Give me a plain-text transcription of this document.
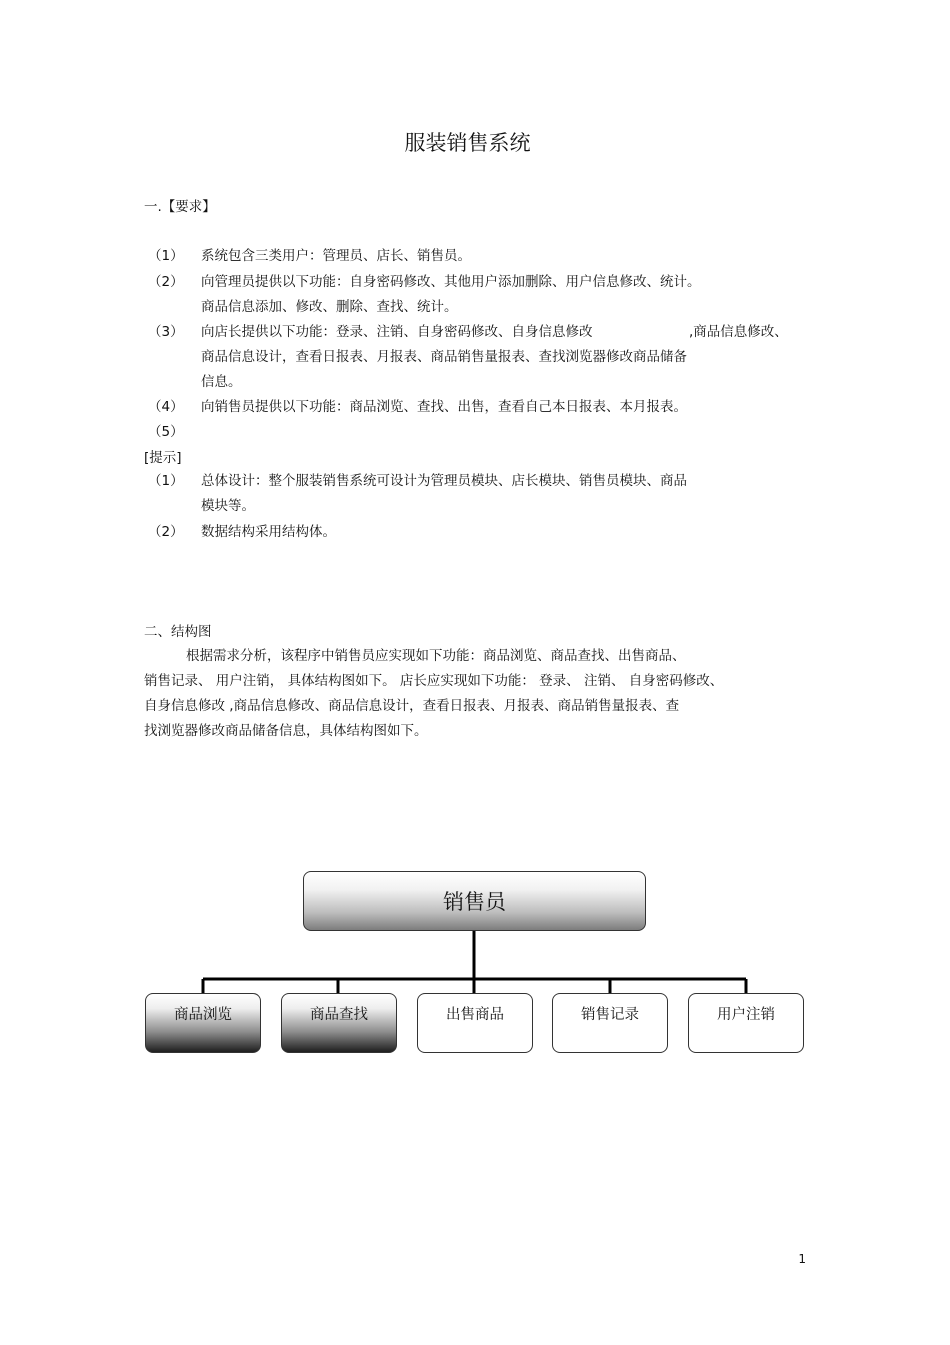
服装销售系统
一.【要求】
（1） 系统包含三类用户：管理员、店长、销售员。
（2） 向管理员提供以下功能：自身密码修改、其他用户添加删除、用户信息修改、统计。
商品信息添加、修改、删除、查找、统计。
（3） 向店长提供以下功能：登录、注销、自身密码修改、自身信息修改	,商品信息修改、
商品信息设计，查看日报表、月报表、商品销售量报表、查找浏览器修改商品储备
信息。
（4） 向销售员提供以下功能：商品浏览、查找、出售，查看自己本日报表、本月报表。
（5）
[提示]
（1） 总体设计：整个服装销售系统可设计为管理员模块、店长模块、销售员模块、商品
模块等。
（2） 数据结构采用结构体。
二、结构图
根据需求分析，该程序中销售员应实现如下功能：商品浏览、商品查找、出售商品、
销售记录、 用户注销， 具体结构图如下。 店长应实现如下功能： 登录、 注销、 自身密码修改、
自身信息修改 ,商品信息修改、商品信息设计，查看日报表、月报表、商品销售量报表、查
找浏览器修改商品储备信息，具体结构图如下。
销售员
商品浏览	商品查找	出售商品	销售记录	用户注销
1
